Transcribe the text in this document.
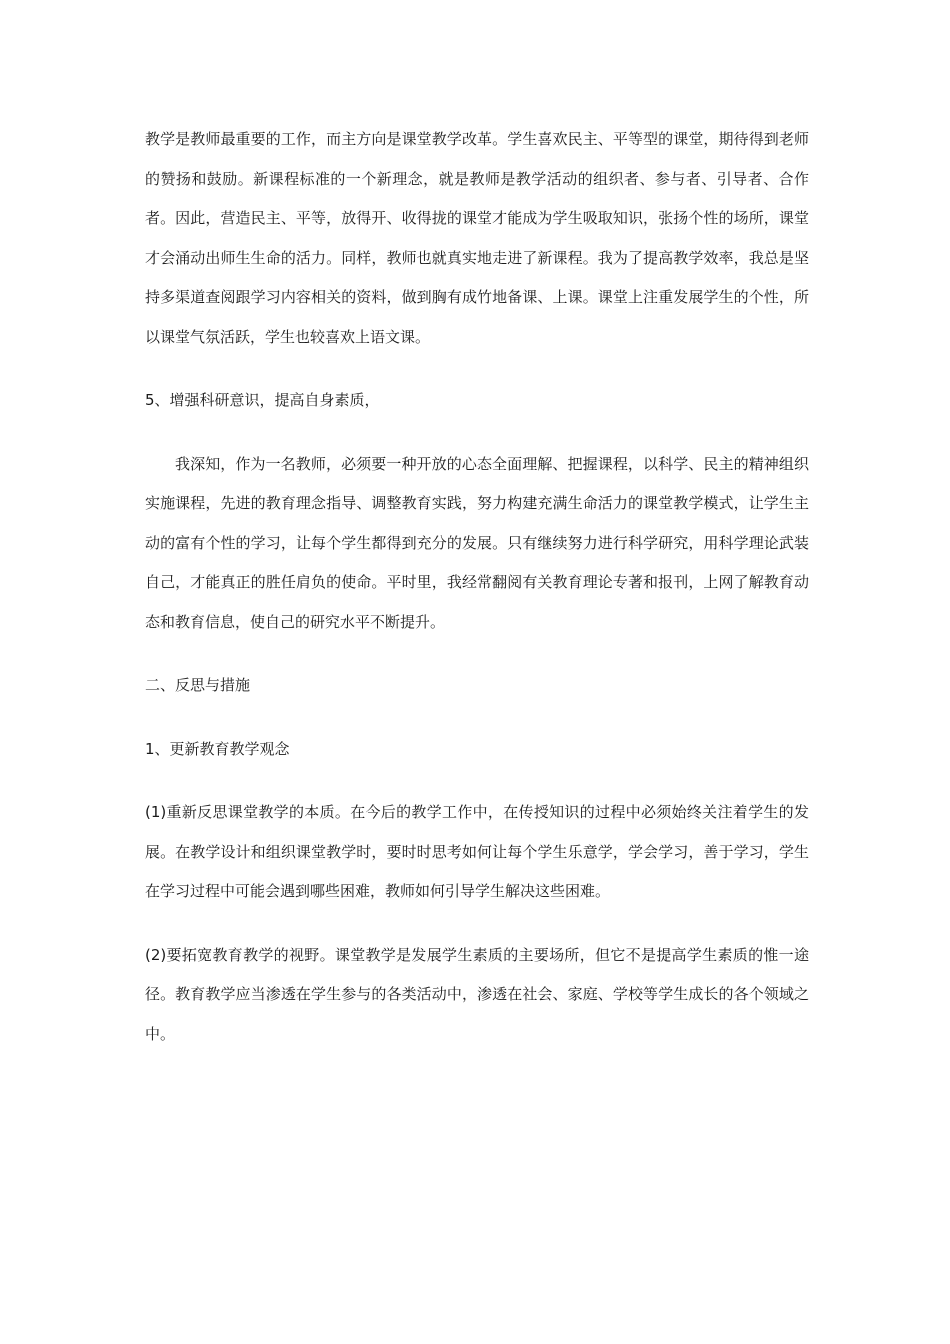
教学是教师最重要的工作，而主方向是课堂教学改革。学生喜欢民主、平等型的课堂，期待得到老师的赞扬和鼓励。新课程标准的一个新理念，就是教师是教学活动的组织者、参与者、引导者、合作者。因此，营造民主、平等，放得开、收得拢的课堂才能成为学生吸取知识，张扬个性的场所，课堂才会涌动出师生生命的活力。同样，教师也就真实地走进了新课程。我为了提高教学效率，我总是坚持多渠道查阅跟学习内容相关的资料，做到胸有成竹地备课、上课。课堂上注重发展学生的个性，所以课堂气氛活跃，学生也较喜欢上语文课。

5、增强科研意识，提高自身素质，

我深知，作为一名教师，必须要一种开放的心态全面理解、把握课程，以科学、民主的精神组织实施课程，先进的教育理念指导、调整教育实践，努力构建充满生命活力的课堂教学模式，让学生主动的富有个性的学习，让每个学生都得到充分的发展。只有继续努力进行科学研究，用科学理论武装自己，才能真正的胜任肩负的使命。平时里，我经常翻阅有关教育理论专著和报刊，上网了解教育动态和教育信息，使自己的研究水平不断提升。

二、反思与措施

1、更新教育教学观念

(1)重新反思课堂教学的本质。在今后的教学工作中，在传授知识的过程中必须始终关注着学生的发展。在教学设计和组织课堂教学时，要时时思考如何让每个学生乐意学，学会学习，善于学习，学生在学习过程中可能会遇到哪些困难，教师如何引导学生解决这些困难。

(2)要拓宽教育教学的视野。课堂教学是发展学生素质的主要场所，但它不是提高学生素质的惟一途径。教育教学应当渗透在学生参与的各类活动中，渗透在社会、家庭、学校等学生成长的各个领域之中。
